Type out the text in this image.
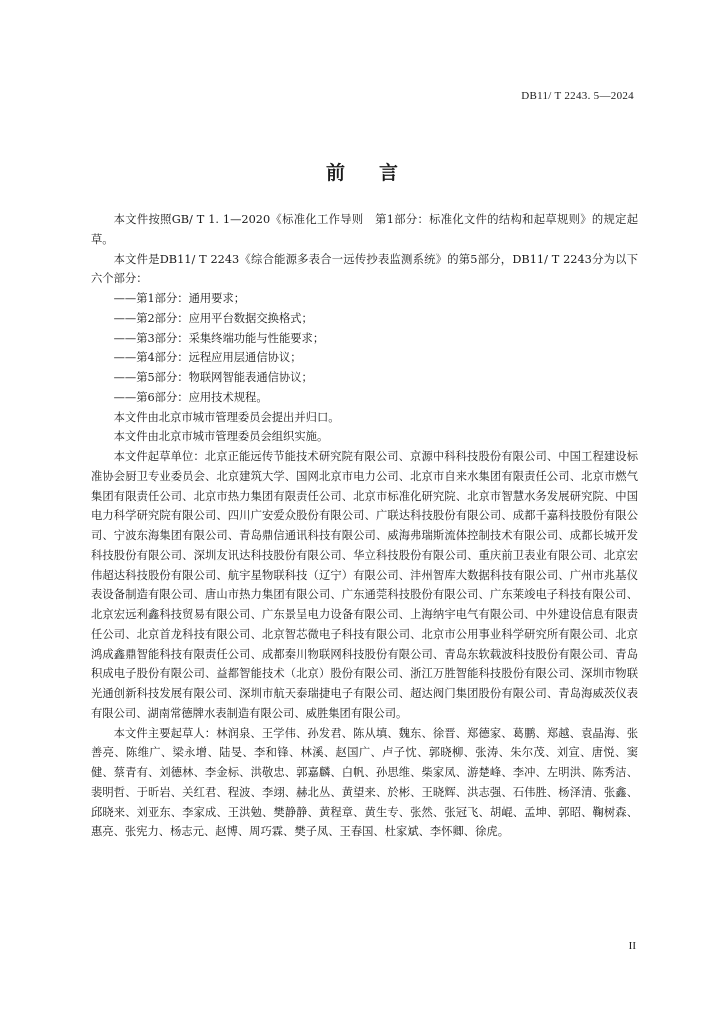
DB11/ T 2243. 5—2024
前 言

本文件按照GB/ T 1. 1—2020《标准化工作导则　第1部分：标准化文件的结构和起草规则》的规定起草。

本文件是DB11/ T 2243《综合能源多表合一远传抄表监测系统》的第5部分，DB11/ T 2243分为以下六个部分：

——第1部分：通用要求；

——第2部分：应用平台数据交换格式；

——第3部分：采集终端功能与性能要求；

——第4部分：远程应用层通信协议；

——第5部分：物联网智能表通信协议；

——第6部分：应用技术规程。

本文件由北京市城市管理委员会提出并归口。

本文件由北京市城市管理委员会组织实施。

本文件起草单位：北京正能远传节能技术研究院有限公司、京源中科科技股份有限公司、中国工程建设标准协会厨卫专业委员会、北京建筑大学、国网北京市电力公司、北京市自来水集团有限责任公司、北京市燃气集团有限责任公司、北京市热力集团有限责任公司、北京市标准化研究院、北京市智慧水务发展研究院、中国电力科学研究院有限公司、四川广安爱众股份有限公司、广联达科技股份有限公司、成都千嘉科技股份有限公司、宁波东海集团有限公司、青岛鼎信通讯科技有限公司、威海弗瑞斯流体控制技术有限公司、成都长城开发科技股份有限公司、深圳友讯达科技股份有限公司、华立科技股份有限公司、重庆前卫表业有限公司、北京宏伟超达科技股份有限公司、航宇星物联科技（辽宁）有限公司、沣州智库大数据科技有限公司、广州市兆基仪表设备制造有限公司、唐山市热力集团有限公司、广东通莞科技股份有限公司、广东莱竣电子科技有限公司、北京宏远利鑫科技贸易有限公司、广东景呈电力设备有限公司、上海纳宇电气有限公司、中外建设信息有限责任公司、北京首龙科技有限公司、北京智芯微电子科技有限公司、北京市公用事业科学研究所有限公司、北京鸿成鑫鼎智能科技有限责任公司、成都秦川物联网科技股份有限公司、青岛东软载波科技股份有限公司、青岛积成电子股份有限公司、益都智能技术（北京）股份有限公司、浙江万胜智能科技股份有限公司、深圳市物联光通创新科技发展有限公司、深圳市航天泰瑞捷电子有限公司、超达阀门集团股份有限公司、青岛海威茨仪表有限公司、湖南常德牌水表制造有限公司、威胜集团有限公司。

本文件主要起草人：林润泉、王学伟、孙发君、陈从填、魏东、徐晋、郑德家、葛鹏、郑越、袁晶海、张善亮、陈维广、梁永增、陆旻、李和锋、林溪、赵国广、卢子忱、郭晓柳、张涛、朱尔茂、刘宣、唐悦、窦健、蔡青有、刘德林、李金标、洪敬忠、郭嘉麟、白帆、孙思维、柴家凤、游楚峰、李冲、左明洪、陈秀洁、裴明哲、于昕岩、关红君、程波、李翊、赫北丛、黄望来、於彬、王晓辉、洪志强、石伟胜、杨泽清、张鑫、邱晓来、刘亚东、李家成、王洪勉、樊静静、黄程章、黄生专、张然、张冠飞、胡崐、孟坤、郭昭、鞠树森、惠亮、张宪力、杨志元、赵博、周巧霖、樊子凤、王春国、杜家斌、李怀卿、徐虎。

II
